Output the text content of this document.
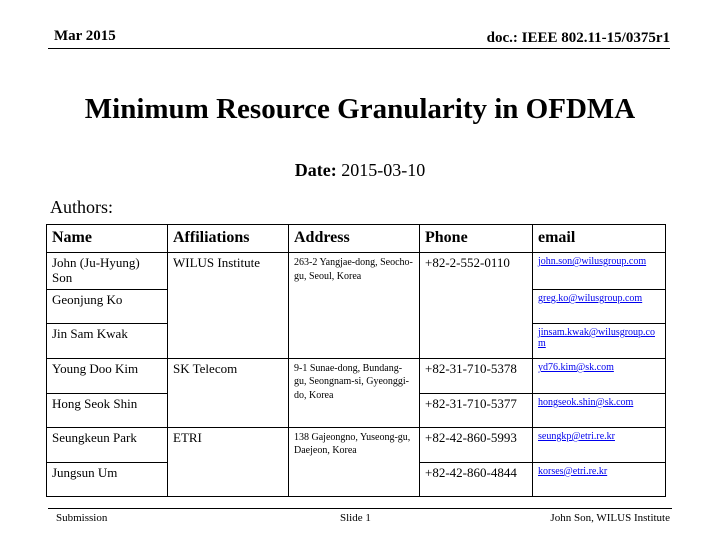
Mar 2015	doc.: IEEE 802.11-15/0375r1
Minimum Resource Granularity in OFDMA
Date: 2015-03-10
Authors:
Name	Affiliations	Address	Phone	email
John (Ju-Hyung) Son	WILUS Institute	263-2 Yangjae-dong, Seocho-gu, Seoul, Korea	+82-2-552-0110	john.son@wilusgroup.com
Geonjung Ko				greg.ko@wilusgroup.com
Jin Sam Kwak				jinsam.kwak@wilusgroup.com
Young Doo Kim	SK Telecom	9-1 Sunae-dong, Bundang-gu, Seongnam-si, Gyeonggi-do, Korea	+82-31-710-5378	yd76.kim@sk.com
Hong Seok Shin			+82-31-710-5377	hongseok.shin@sk.com
Seungkeun Park	ETRI	138 Gajeongno, Yuseong-gu, Daejeon, Korea	+82-42-860-5993	seungkp@etri.re.kr
Jungsun Um			+82-42-860-4844	korses@etri.re.kr
Submission	Slide 1	John Son, WILUS Institute
